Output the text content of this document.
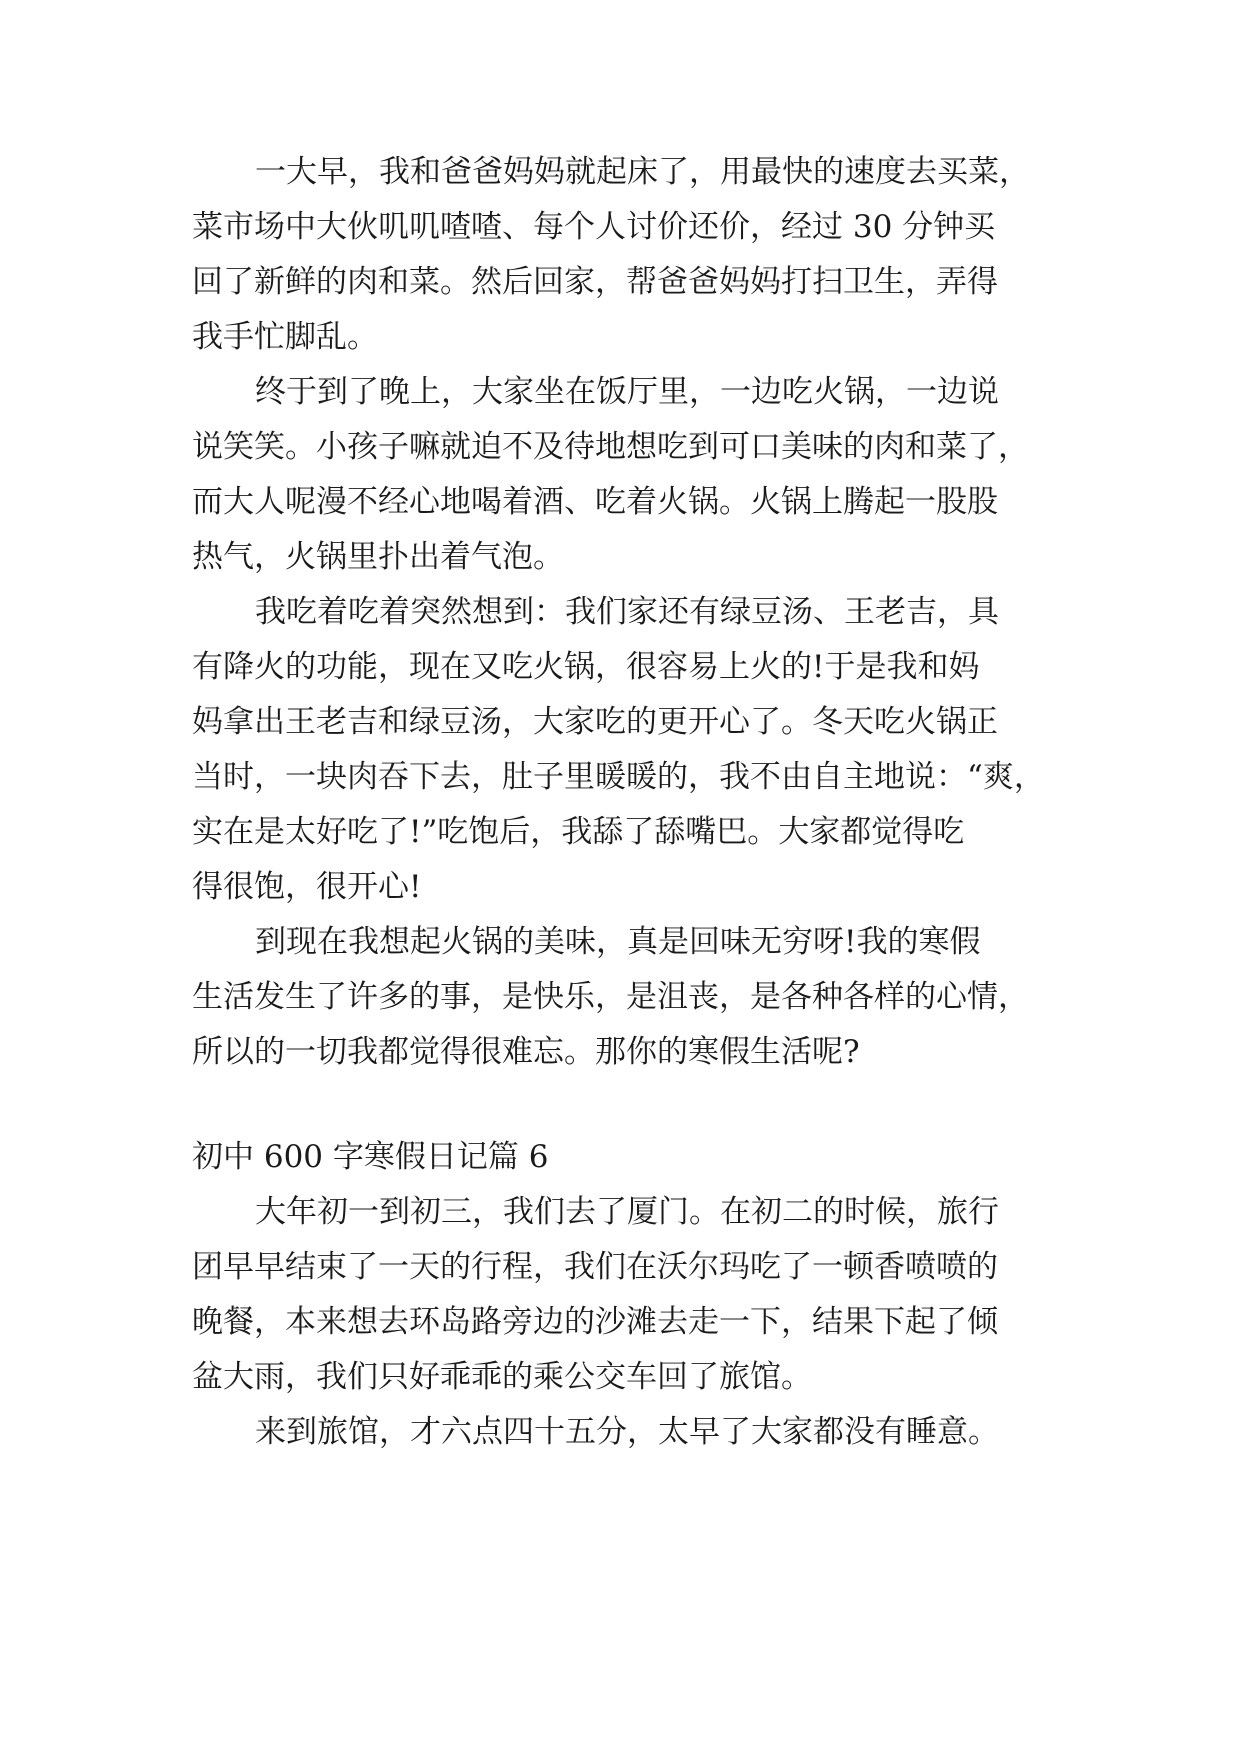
一大早，我和爸爸妈妈就起床了，用最快的速度去买菜，
菜市场中大伙叽叽喳喳、每个人讨价还价，经过 30 分钟买
回了新鲜的肉和菜。然后回家，帮爸爸妈妈打扫卫生，弄得
我手忙脚乱。
终于到了晚上，大家坐在饭厅里，一边吃火锅，一边说
说笑笑。小孩子嘛就迫不及待地想吃到可口美味的肉和菜了，
而大人呢漫不经心地喝着酒、吃着火锅。火锅上腾起一股股
热气，火锅里扑出着气泡。
我吃着吃着突然想到：我们家还有绿豆汤、王老吉，具
有降火的功能，现在又吃火锅，很容易上火的!于是我和妈
妈拿出王老吉和绿豆汤，大家吃的更开心了。冬天吃火锅正
当时，一块肉吞下去，肚子里暖暖的，我不由自主地说：“爽，
实在是太好吃了!”吃饱后，我舔了舔嘴巴。大家都觉得吃
得很饱，很开心!
到现在我想起火锅的美味，真是回味无穷呀!我的寒假
生活发生了许多的事，是快乐，是沮丧，是各种各样的心情，
所以的一切我都觉得很难忘。那你的寒假生活呢?
初中 600 字寒假日记篇 6
大年初一到初三，我们去了厦门。在初二的时候，旅行
团早早结束了一天的行程，我们在沃尔玛吃了一顿香喷喷的
晚餐，本来想去环岛路旁边的沙滩去走一下，结果下起了倾
盆大雨，我们只好乖乖的乘公交车回了旅馆。
来到旅馆，才六点四十五分，太早了大家都没有睡意。
